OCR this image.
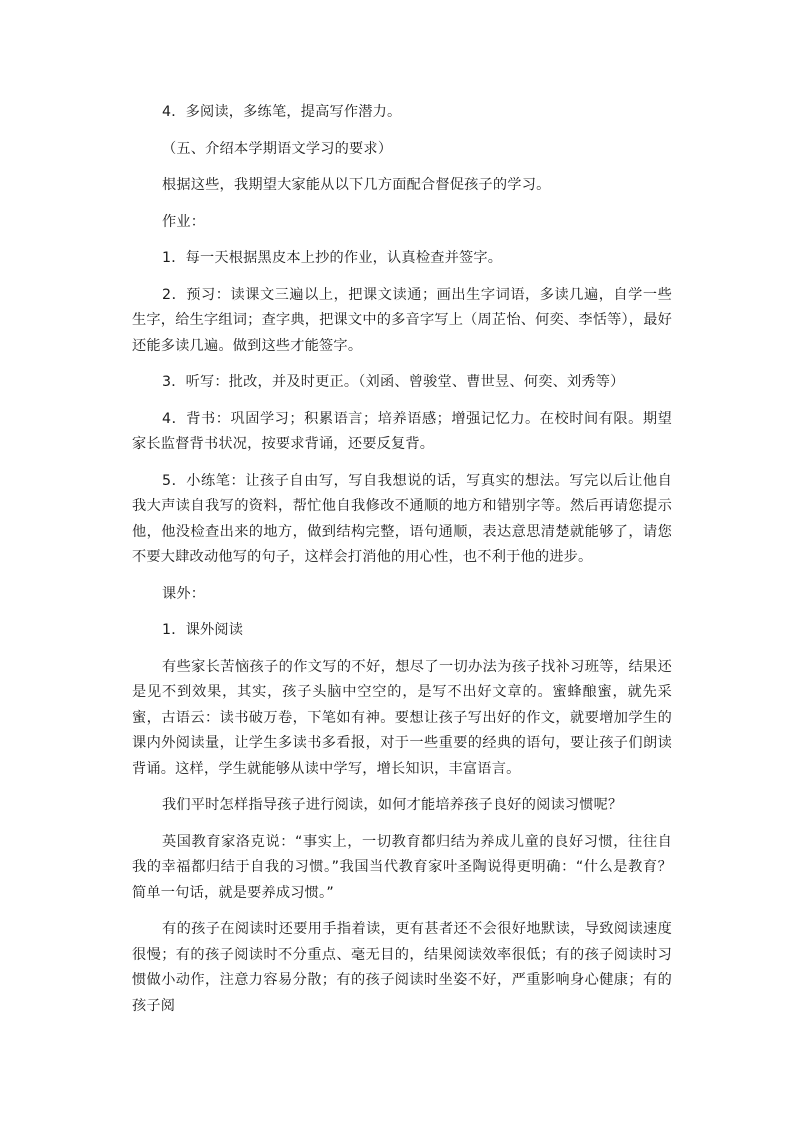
4．多阅读，多练笔，提高写作潜力。

（五、介绍本学期语文学习的要求）

根据这些，我期望大家能从以下几方面配合督促孩子的学习。

作业：

1．每一天根据黑皮本上抄的作业，认真检查并签字。

2．预习：读课文三遍以上，把课文读通；画出生字词语，多读几遍，自学一些生字，给生字组词；查字典，把课文中的多音字写上（周芷怡、何奕、李恬等），最好还能多读几遍。做到这些才能签字。

3．听写：批改，并及时更正。（刘函、曾骏堂、曹世昱、何奕、刘秀等）

4．背书：巩固学习；积累语言；培养语感；增强记忆力。在校时间有限。期望家长监督背书状况，按要求背诵，还要反复背。

5．小练笔：让孩子自由写，写自我想说的话，写真实的想法。写完以后让他自我大声读自我写的资料，帮忙他自我修改不通顺的地方和错别字等。然后再请您提示他，他没检查出来的地方，做到结构完整，语句通顺，表达意思清楚就能够了，请您不要大肆改动他写的句子，这样会打消他的用心性，也不利于他的进步。

课外：

1．课外阅读

有些家长苦恼孩子的作文写的不好，想尽了一切办法为孩子找补习班等，结果还是见不到效果，其实，孩子头脑中空空的，是写不出好文章的。蜜蜂酿蜜，就先采蜜，古语云：读书破万卷，下笔如有神。要想让孩子写出好的作文，就要增加学生的课内外阅读量，让学生多读书多看报，对于一些重要的经典的语句，要让孩子们朗读背诵。这样，学生就能够从读中学写，增长知识，丰富语言。

我们平时怎样指导孩子进行阅读，如何才能培养孩子良好的阅读习惯呢？

英国教育家洛克说：“事实上，一切教育都归结为养成儿童的良好习惯，往往自我的幸福都归结于自我的习惯。”我国当代教育家叶圣陶说得更明确：“什么是教育？简单一句话，就是要养成习惯。”

有的孩子在阅读时还要用手指着读，更有甚者还不会很好地默读，导致阅读速度很慢；有的孩子阅读时不分重点、毫无目的，结果阅读效率很低；有的孩子阅读时习惯做小动作，注意力容易分散；有的孩子阅读时坐姿不好，严重影响身心健康；有的孩子阅
